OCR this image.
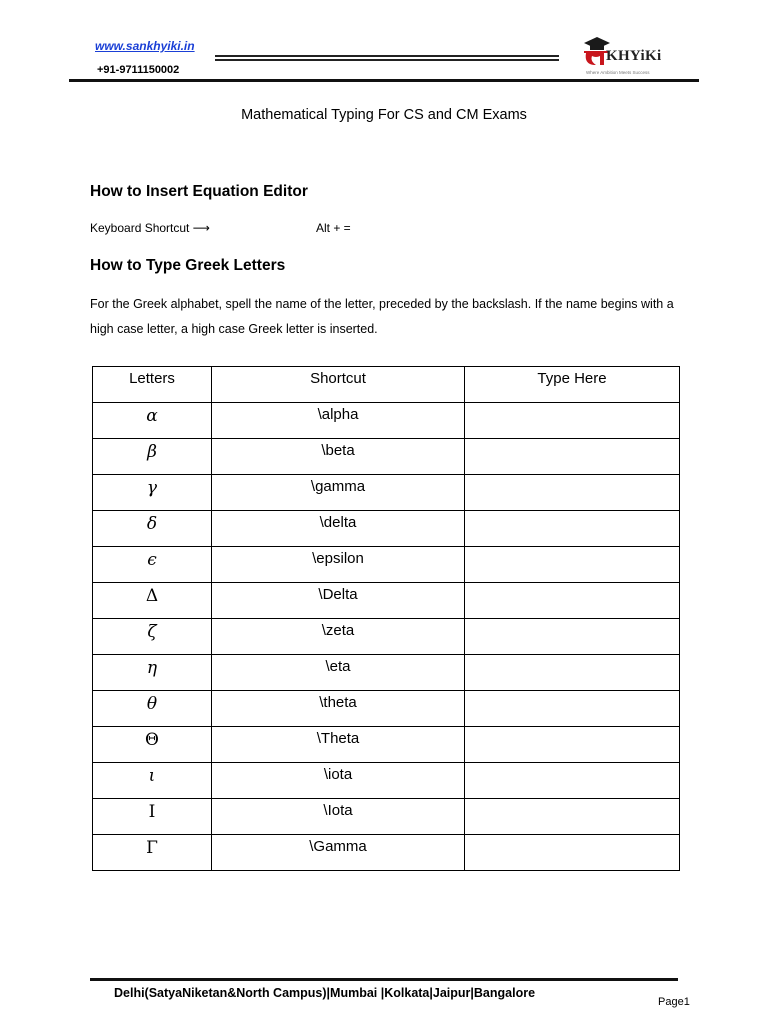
www.sankhyiki.in
+91-9711150002
KHYiKi
Where Ambition Meets Success
Mathematical Typing For CS and CM Exams
How to Insert Equation Editor
Keyboard Shortcut ⟶	Alt + =
How to Type Greek Letters
For the Greek alphabet, spell the name of the letter, preceded by the backslash. If the name begins with a high case letter, a high case Greek letter is inserted.
Letters	Shortcut	Type Here
α	\alpha	
β	\beta	
γ	\gamma	
δ	\delta	
ϵ	\epsilon	
Δ	\Delta	
ζ	\zeta	
η	\eta	
θ	\theta	
Θ	\Theta	
ι	\iota	
Ι	\Iota	
Γ	\Gamma	
Delhi(SatyaNiketan&North Campus)|Mumbai |Kolkata|Jaipur|Bangalore
Page1
